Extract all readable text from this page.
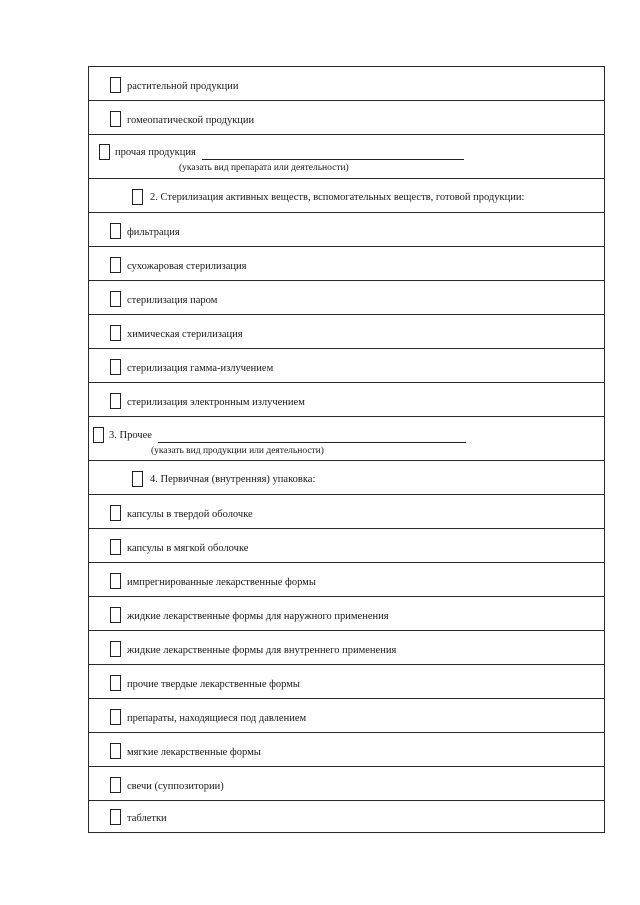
растительной продукции
гомеопатической продукции
прочая продукция
(указать вид препарата или деятельности)
2. Стерилизация активных веществ, вспомогательных веществ, готовой продукции:
фильтрация
сухожаровая стерилизация
стерилизация паром
химическая стерилизация
стерилизация гамма-излучением
стерилизация электронным излучением
3. Прочее
(указать вид продукции или деятельности)
4. Первичная (внутренняя) упаковка:
капсулы в твердой оболочке
капсулы в мягкой оболочке
импрегнированные лекарственные формы
жидкие лекарственные формы для наружного применения
жидкие лекарственные формы для внутреннего применения
прочие твердые лекарственные формы
препараты, находящиеся под давлением
мягкие лекарственные формы
свечи (суппозитории)
таблетки
